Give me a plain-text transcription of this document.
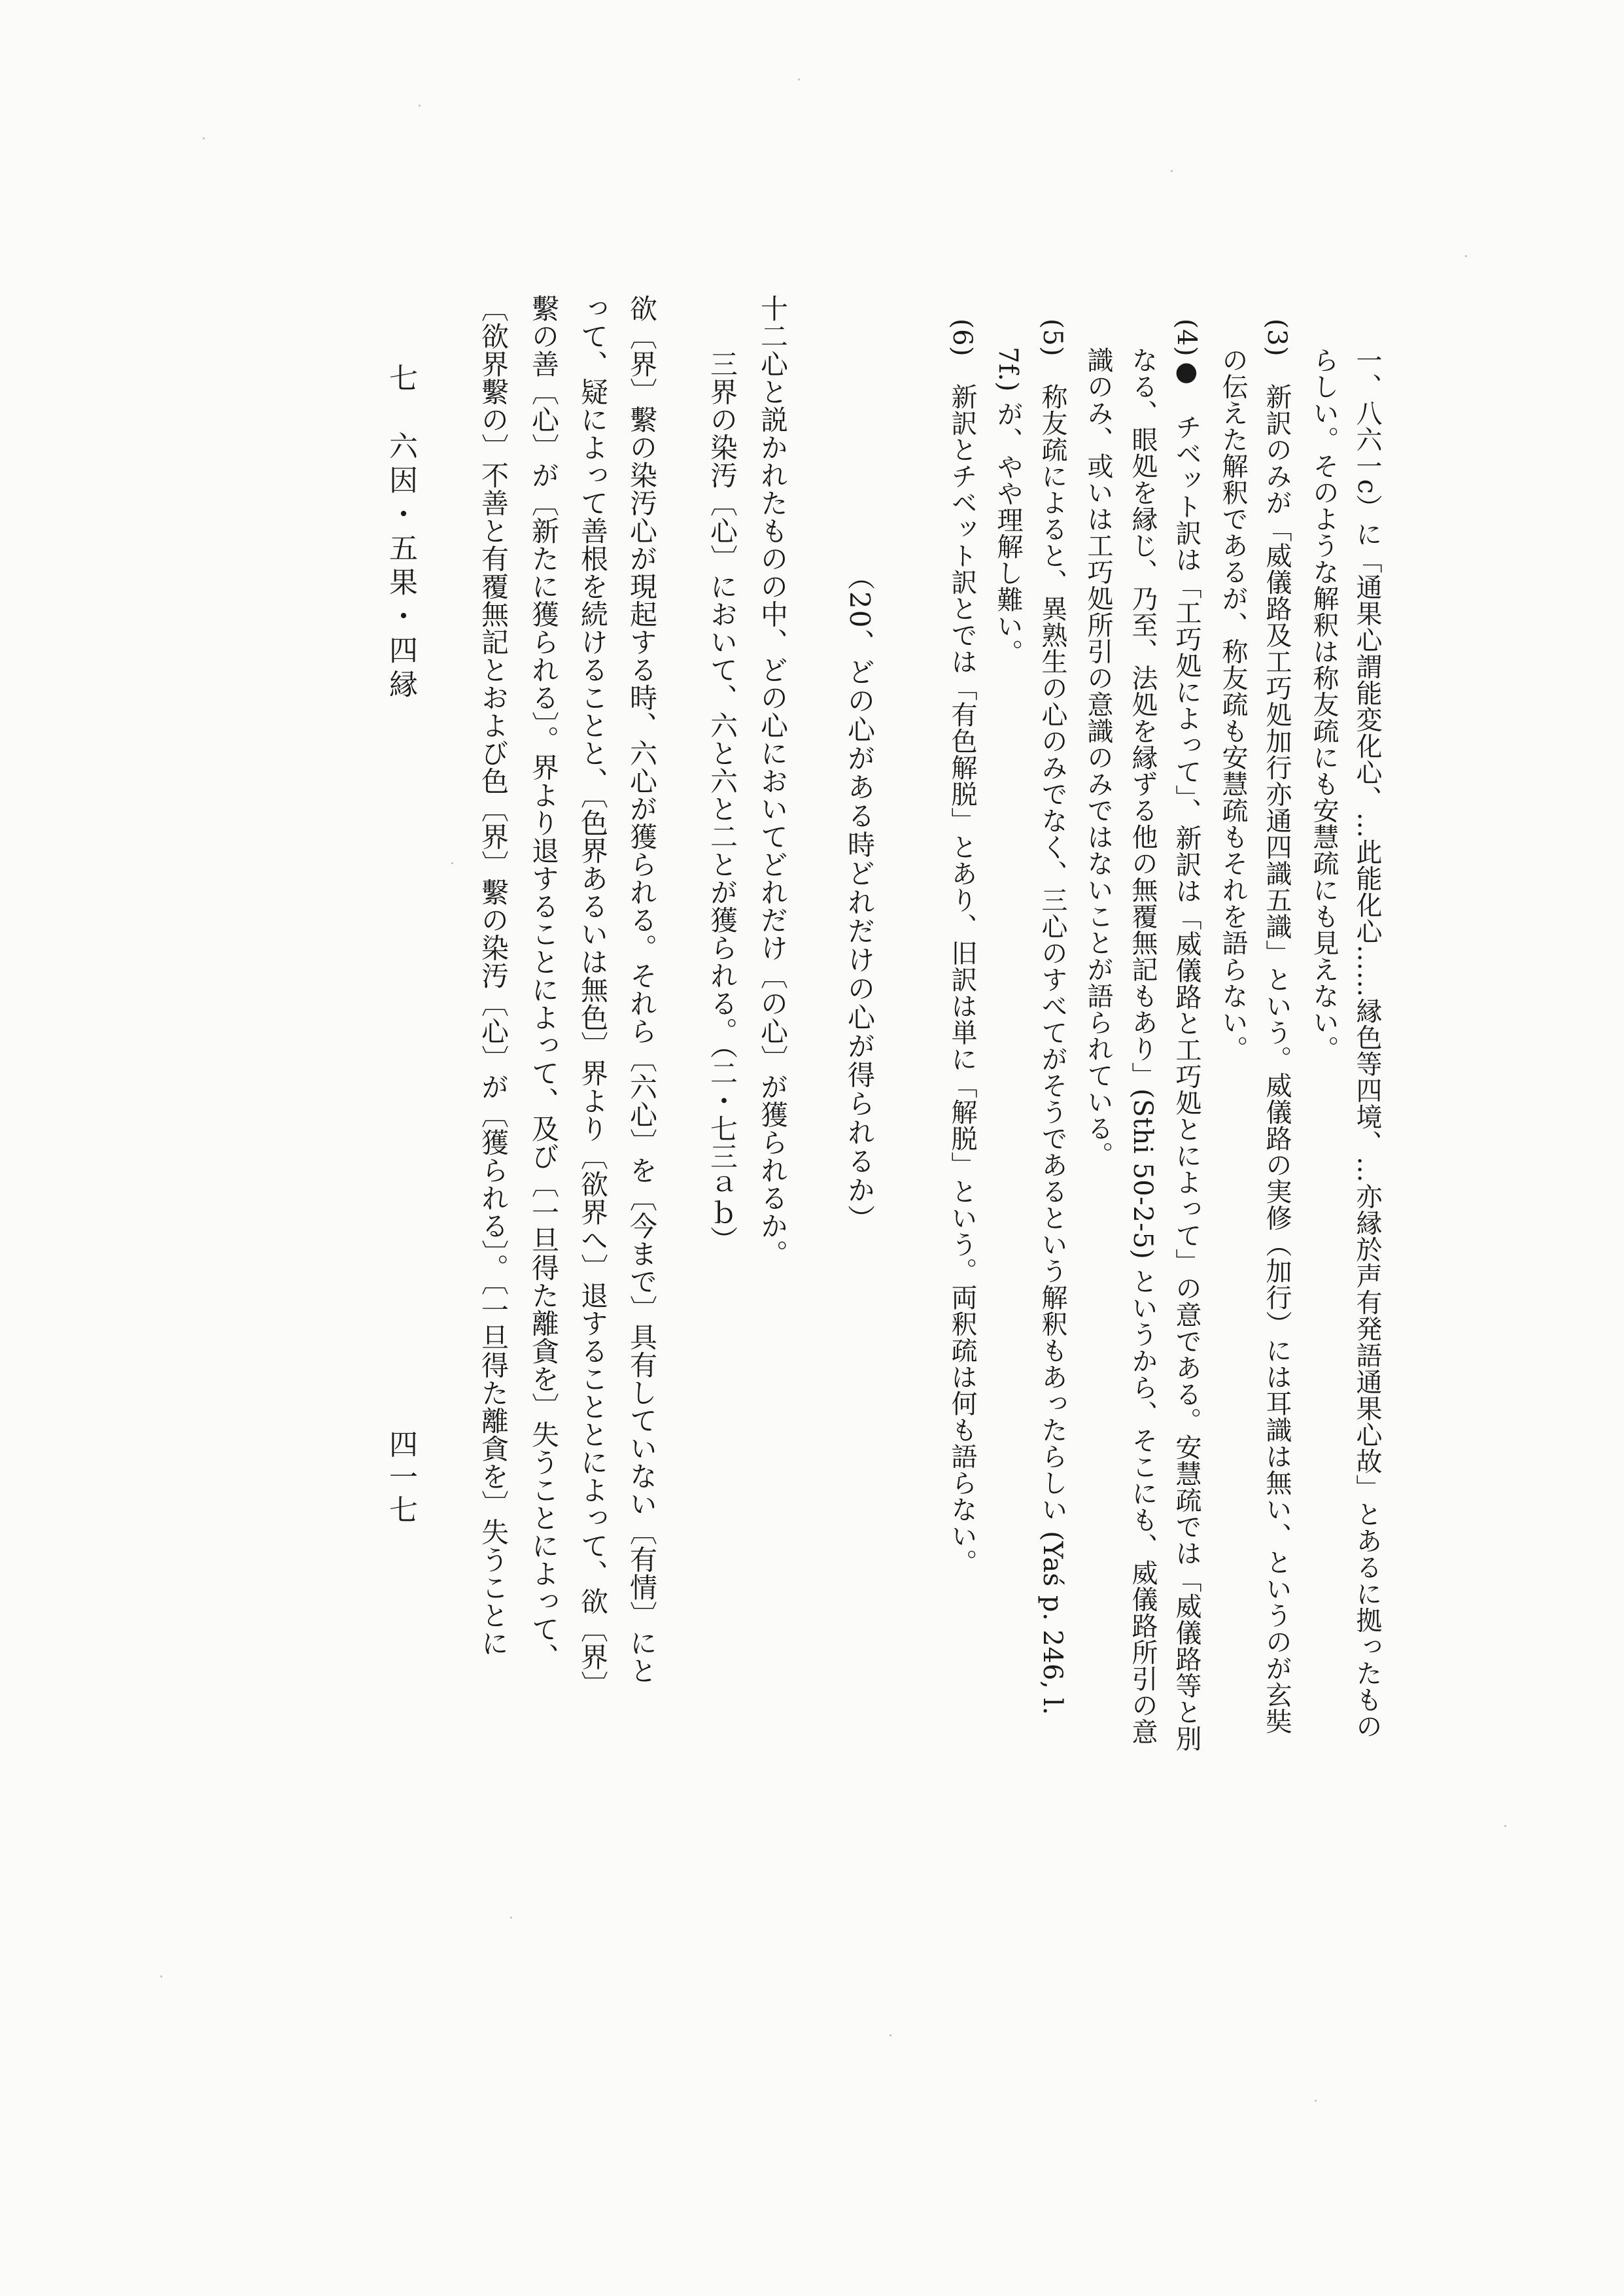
一、八六一c）に「通果心謂能変化心、…此能化心……縁色等四境、…亦縁於声有発語通果心故」とあるに拠ったもの

らしい。そのような解釈は称友疏にも安慧疏にも見えない。

(3)　新訳のみが「威儀路及工巧処加行亦通四識五識」という。威儀路の実修（加行）には耳識は無い、というのが玄奘

の伝えた解釈であるが、称友疏も安慧疏もそれを語らない。

(4)●　チベット訳は「工巧処によって」、新訳は「威儀路と工巧処とによって」の意である。安慧疏では「威儀路等と別

なる、眼処を縁じ、乃至、法処を縁ずる他の無覆無記もあり」(Sthi 50-2-5) というから、そこにも、威儀路所引の意

識のみ、或いは工巧処所引の意識のみではないことが語られている。

(5)　称友疏によると、異熟生の心のみでなく、三心のすべてがそうであるという解釈もあったらしい (Yaś p. 246, l.

7f.) が、やや理解し難い。

(6)　新訳とチベット訳とでは「有色解脱」とあり、旧訳は単に「解脱」という。両釈疏は何も語らない。

（20、どの心がある時どれだけの心が得られるか）

十二心と説かれたものの中、どの心においてどれだけ〔の心〕が獲られるか。

三界の染汚〔心〕において、六と六と二とが獲られる。（二・七三ａｂ）

欲〔界〕繫の染汚心が現起する時、六心が獲られる。それら〔六心〕を〔今まで〕具有していない〔有情〕にと

って、疑によって善根を続けることと、〔色界あるいは無色〕界より〔欲界へ〕退することとによって、欲〔界〕

繫の善〔心〕が〔新たに獲られる〕。界より退することによって、及び〔一旦得た離貪を〕失うことによって、

〔欲界繫の〕不善と有覆無記とおよび色〔界〕繫の染汚〔心〕が〔獲られる〕。〔一旦得た離貪を〕失うことに

七　六因・五果・四縁

四一七
